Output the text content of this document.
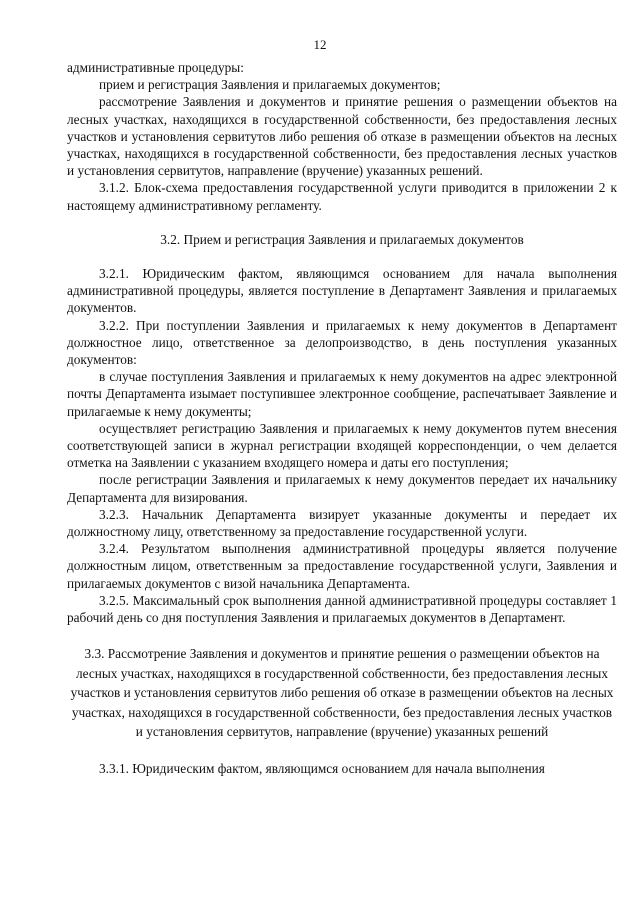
12

административные процедуры:

прием и регистрация Заявления и прилагаемых документов;

рассмотрение Заявления и документов и принятие решения о размещении объектов на лесных участках, находящихся в государственной собственности, без предоставления лесных участков и установления сервитутов либо решения об отказе в размещении объектов на лесных участках, находящихся в государственной собственности, без предоставления лесных участков и установления сервитутов, направление (вручение) указанных решений.

3.1.2. Блок-схема предоставления государственной услуги приводится в приложении 2 к настоящему административному регламенту.

3.2. Прием и регистрация Заявления и прилагаемых документов

3.2.1. Юридическим фактом, являющимся основанием для начала выполнения административной процедуры, является поступление в Департамент Заявления и прилагаемых документов.

3.2.2. При поступлении Заявления и прилагаемых к нему документов в Департамент должностное лицо, ответственное за делопроизводство, в день поступления указанных документов:

в случае поступления Заявления и прилагаемых к нему документов на адрес электронной почты Департамента изымает поступившее электронное сообщение, распечатывает Заявление и прилагаемые к нему документы;

осуществляет регистрацию Заявления и прилагаемых к нему документов путем внесения соответствующей записи в журнал регистрации входящей корреспонденции, о чем делается отметка на Заявлении с указанием входящего номера и даты его поступления;

после регистрации Заявления и прилагаемых к нему документов передает их начальнику Департамента для визирования.

3.2.3. Начальник Департамента визирует указанные документы и передает их должностному лицу, ответственному за предоставление государственной услуги.

3.2.4. Результатом выполнения административной процедуры является получение должностным лицом, ответственным за предоставление государственной услуги, Заявления и прилагаемых документов с визой начальника Департамента.

3.2.5. Максимальный срок выполнения данной административной процедуры составляет 1 рабочий день со дня поступления Заявления и прилагаемых документов в Департамент.

3.3. Рассмотрение Заявления и документов и принятие решения о размещении объектов на лесных участках, находящихся в государственной собственности, без предоставления лесных участков и установления сервитутов либо решения об отказе в размещении объектов на лесных участках, находящихся в государственной собственности, без предоставления лесных участков и установления сервитутов, направление (вручение) указанных решений

3.3.1. Юридическим фактом, являющимся основанием для начала выполнения
